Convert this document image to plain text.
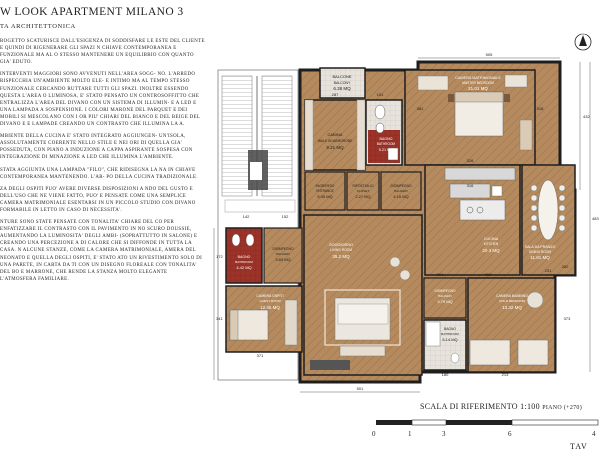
W LOOK APARTMENT MILANO 3
TA ARCHITETTONICA

ROGETTO SCATURISCE DALL'ESIGENZA DI SODDISFARE LE ESTE DEL CLIENTE E QUINDI DI RIGENERARE GLI SPAZI N CHIAVE CONTEMPORANEA E FUNZIONALE MA AL O STESSO MANTENERE UN EQUILIBRIO CON QUANTO GIA' EDUTO.

INTERVENTI MAGGIORI SONO AVVENUTI NELL'AREA SOGG- NO. L'ARREDO RISPECCHIA UN'AMBIENTE MOLTO ELE- E INTIMO MA AL TEMPO STESSO FUNZIONALE CERCANDO RUTTARE TUTTI GLI SPAZI. INOLTRE ESSENDO QUESTA L'AREA O LUMINOSA, E' STATO PENSATO UN CONTROSOFFITTO CHE ENTRALIZZA L'AREA DEL DIVANO CON UN SISTEMA DI ILLUMIN- E A LED E UNA LAMPADA A SOSPENSIONE. I COLORI MARONE DEL PARQUET E DEI MOBILI SI MESCOLANO CON I OR PIU' CHIARI DEL BIANCO E DEL BEIGE DEL DIVANO E E LAMPADE CREANDO UN CONTRASTO CHE ILLUMINA LA A.

MBIENTE DELLA CUCINA E' STATO INTEGRATO AGGIUNGEN- UN'ISOLA, ASSOLUTAMENTE COERENTE NELLO STILE E NEI ORI DI QUELLA GIA' POSSEDUTA, CON PIANO A INDUZIONE A CAPPA ASPIRANTE SOSPESA CON INTEGRAZIONE DI MINAZIONE A LED CHE ILLUMINA L'AMBIENTE.

STATA AGGIUNTA UNA LAMPADA "FILO", CHE RIDISEGNA LA NA IN CHIAVE CONTEMPORANEA MANTENENDO. L'AR- PO DELLA CUCINA TRADIZIONALE.

ZA DEGLI OSPITI PUO' AVERE DIVERSE DISPOSIZIONI A NDO DEL GUSTO E DELL'USO CHE NE VIENE FATTO, PUO' E PENSATE COME UNA SEMPLICE CAMERA MATRIMONIALE ESENTARSI IN UN PICCOLO STUDIO CON DIVANO FORMABILE IN LETTO IN CASO DI NECESSITA'.

NTURE SONO STATE PENSATE CON TONALITA' CHIARE DEL CO PER ENFATIZZARE IL CONTRASTO CON IL PAVIMENTO IN NO SCURO DOUSSIE, AUMENTANDO LA LUMINOSITA' DEGLI AMBI- (SOPRATTUTTO IN SALONE) E CREANDO UNA PERCEZIONE A DI CALORE CHE SI DIFFONDE IN TUTTA LA CASA. N ALCUNE STANZE, COME LA CAMERA MATRIMONIALE, AMERA DEL NEONATO E QUELLA DEGLI OSPITI, E' STATO ATO UN RIVESTIMENTO SOLO DI UNA PARETE, IN CARTA DA TI CON UN DISEGNO FLOREALE CON TONALITA' DEL BO E MARRONE, CHE RENDE LA STANZA MOLTO ELEGANTE L'ATMOSFERA FAMILIARE.

BALCONE
BALCONY
6.38 MQ
BAGNO
BATHROOM
5.21 MQ
CABINA
WALK IN WARDROBE
9.21 MQ
CAMERA MATRIMONIALE
MASTER BEDROOM
21.01 MQ
INGRESSO
ENTRANCE
5.05 MQ
RIPOSTIGLIO
CLOSET
2.27 MQ
DISIMPEGNO
HALLWAY
4.16 MQ
CUCINA
KITCHEN
20.3 MQ
SALA DA PRANZO
DINING ROOM
11.81 MQ
BAGNO
BATHROOM
4.42 MQ
DISIMPEGNO
HALLWAY
3.83 MQ
SOGGIORNO
LIVING ROOM
35.2 MQ
CAMERA OSPITI
GUEST ROOM
12.45 MQ
DISIMPEGNO
HALLWAY
3.79 MQ
BAGNO
BATHROOM
5.14 MQ
CAMERA BAMBINO
CHILD BEDROOM
13.32 MQ
505
501
432
483
341
287	151
142	152
326
316
262
201
231
318
213
172
373
371
180
381
263
N
SCALA DI RIFERIMENTO 1:100 PIANO (+270)
0	1	3	6	4
TAV
